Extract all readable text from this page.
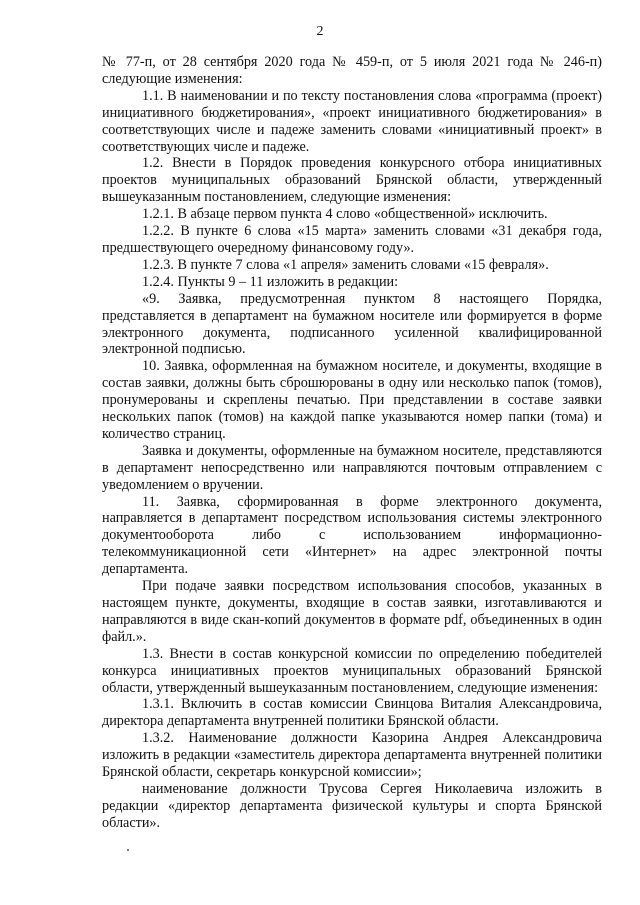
2

№ 77-п, от 28 сентября 2020 года № 459-п, от 5 июля 2021 года № 246-п) следующие изменения:

1.1. В наименовании и по тексту постановления слова «программа (проект) инициативного бюджетирования», «проект инициативного бюджетирования» в соответствующих числе и падеже заменить словами «инициативный проект» в соответствующих числе и падеже.

1.2. Внести в Порядок проведения конкурсного отбора инициативных проектов муниципальных образований Брянской области, утвержденный вышеуказанным постановлением, следующие изменения:

1.2.1. В абзаце первом пункта 4 слово «общественной» исключить.

1.2.2. В пункте 6 слова «15 марта» заменить словами «31 декабря года, предшествующего очередному финансовому году».

1.2.3. В пункте 7 слова «1 апреля» заменить словами «15 февраля».

1.2.4. Пункты 9 – 11 изложить в редакции:

«9. Заявка, предусмотренная пунктом 8 настоящего Порядка, представляется в департамент на бумажном носителе или формируется в форме электронного документа, подписанного усиленной квалифицированной электронной подписью.

10. Заявка, оформленная на бумажном носителе, и документы, входящие в состав заявки, должны быть сброшюрованы в одну или несколько папок (томов), пронумерованы и скреплены печатью. При представлении в составе заявки нескольких папок (томов) на каждой папке указываются номер папки (тома) и количество страниц.

Заявка и документы, оформленные на бумажном носителе, представляются в департамент непосредственно или направляются почтовым отправлением с уведомлением о вручении.

11. Заявка, сформированная в форме электронного документа, направляется в департамент посредством использования системы электронного документооборота либо с использованием информационно-телекоммуникационной сети «Интернет» на адрес электронной почты департамента.

При подаче заявки посредством использования способов, указанных в настоящем пункте, документы, входящие в состав заявки, изготавливаются и направляются в виде скан-копий документов в формате pdf, объединенных в один файл.».

1.3. Внести в состав конкурсной комиссии по определению победителей конкурса инициативных проектов муниципальных образований Брянской области, утвержденный вышеуказанным постановлением, следующие изменения:

1.3.1. Включить в состав комиссии Свинцова Виталия Александровича, директора департамента внутренней политики Брянской области.

1.3.2. Наименование должности Казорина Андрея Александровича изложить в редакции «заместитель директора департамента внутренней политики Брянской области, секретарь конкурсной комиссии»;

наименование должности Трусова Сергея Николаевича изложить в редакции «директор департамента физической культуры и спорта Брянской области».
